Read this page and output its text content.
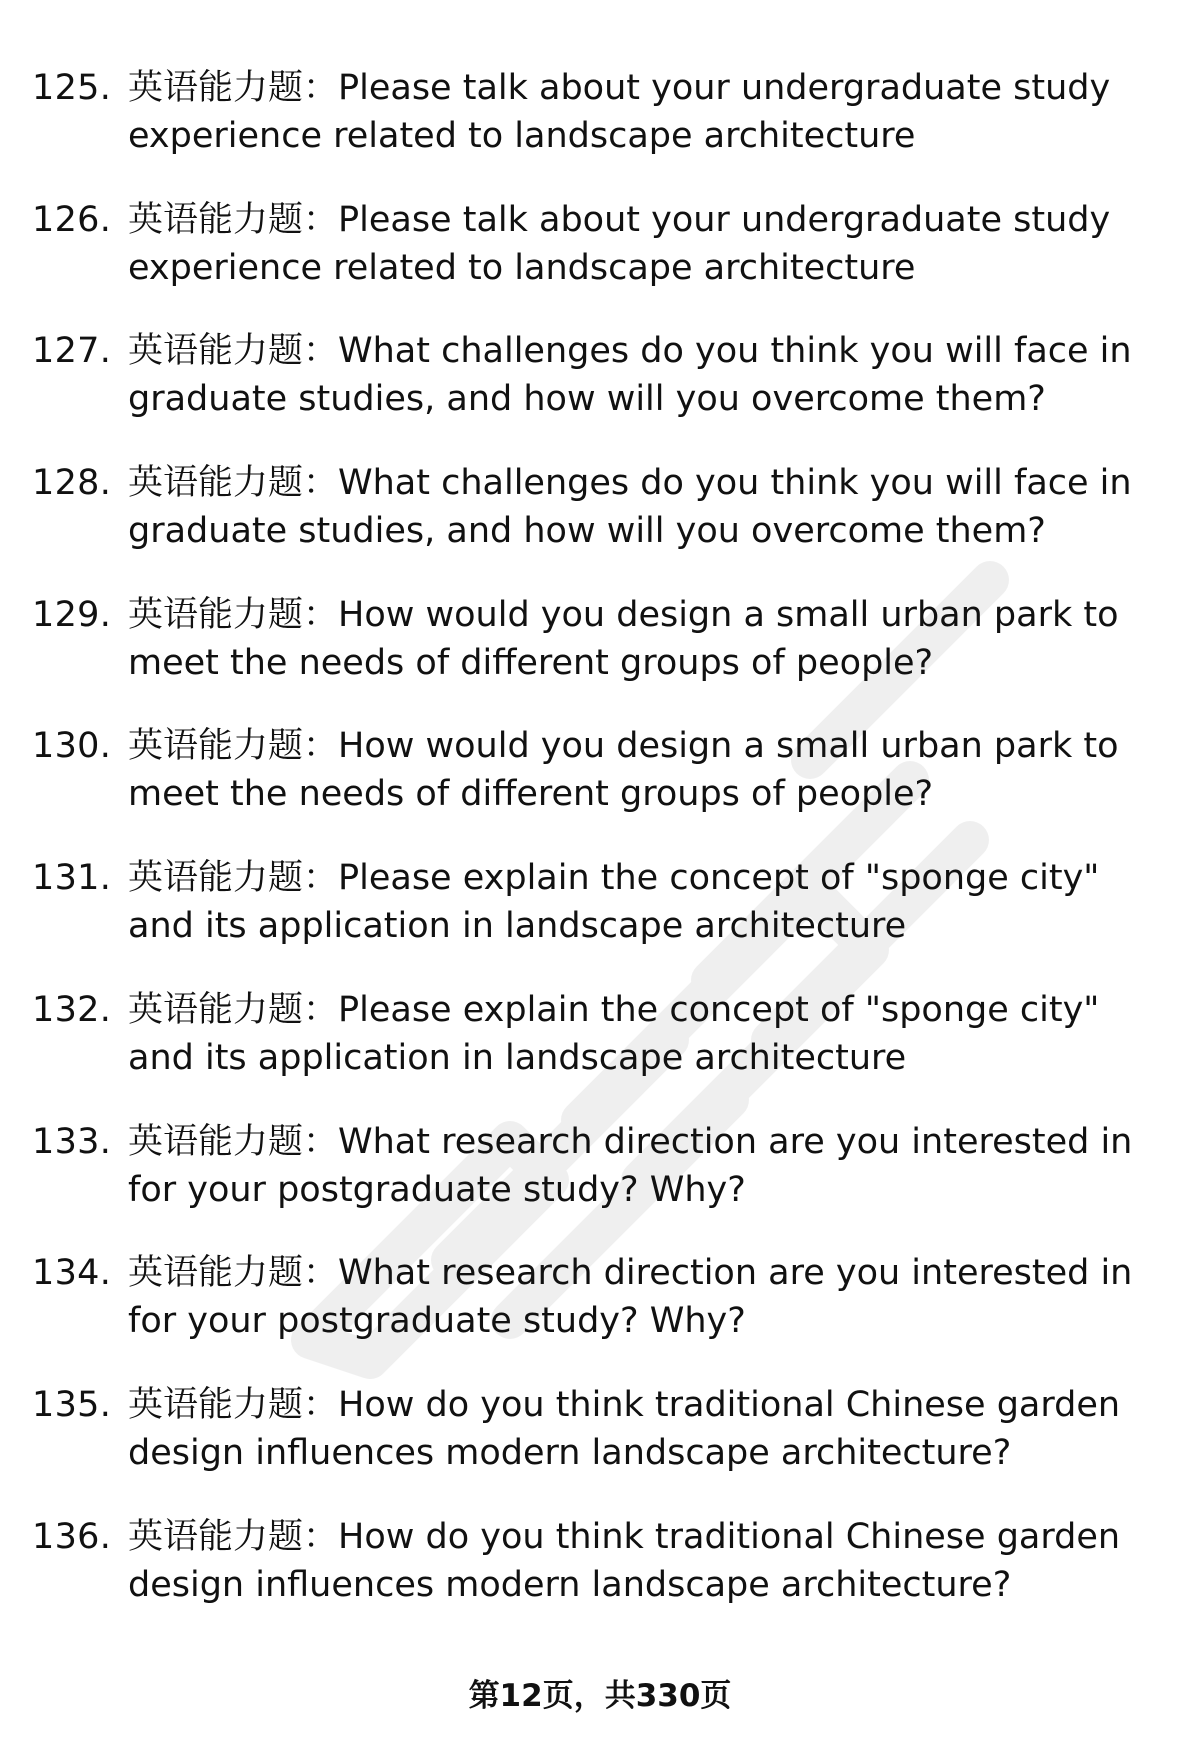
125. 英语能力题：Please talk about your undergraduate study experience related to landscape architecture
126. 英语能力题：Please talk about your undergraduate study experience related to landscape architecture
127. 英语能力题：What challenges do you think you will face in graduate studies, and how will you overcome them?
128. 英语能力题：What challenges do you think you will face in graduate studies, and how will you overcome them?
129. 英语能力题：How would you design a small urban park to meet the needs of different groups of people?
130. 英语能力题：How would you design a small urban park to meet the needs of different groups of people?
131. 英语能力题：Please explain the concept of "sponge city" and its application in landscape architecture
132. 英语能力题：Please explain the concept of "sponge city" and its application in landscape architecture
133. 英语能力题：What research direction are you interested in for your postgraduate study? Why?
134. 英语能力题：What research direction are you interested in for your postgraduate study? Why?
135. 英语能力题：How do you think traditional Chinese garden design influences modern landscape architecture?
136. 英语能力题：How do you think traditional Chinese garden design influences modern landscape architecture?
第12页，共330页
